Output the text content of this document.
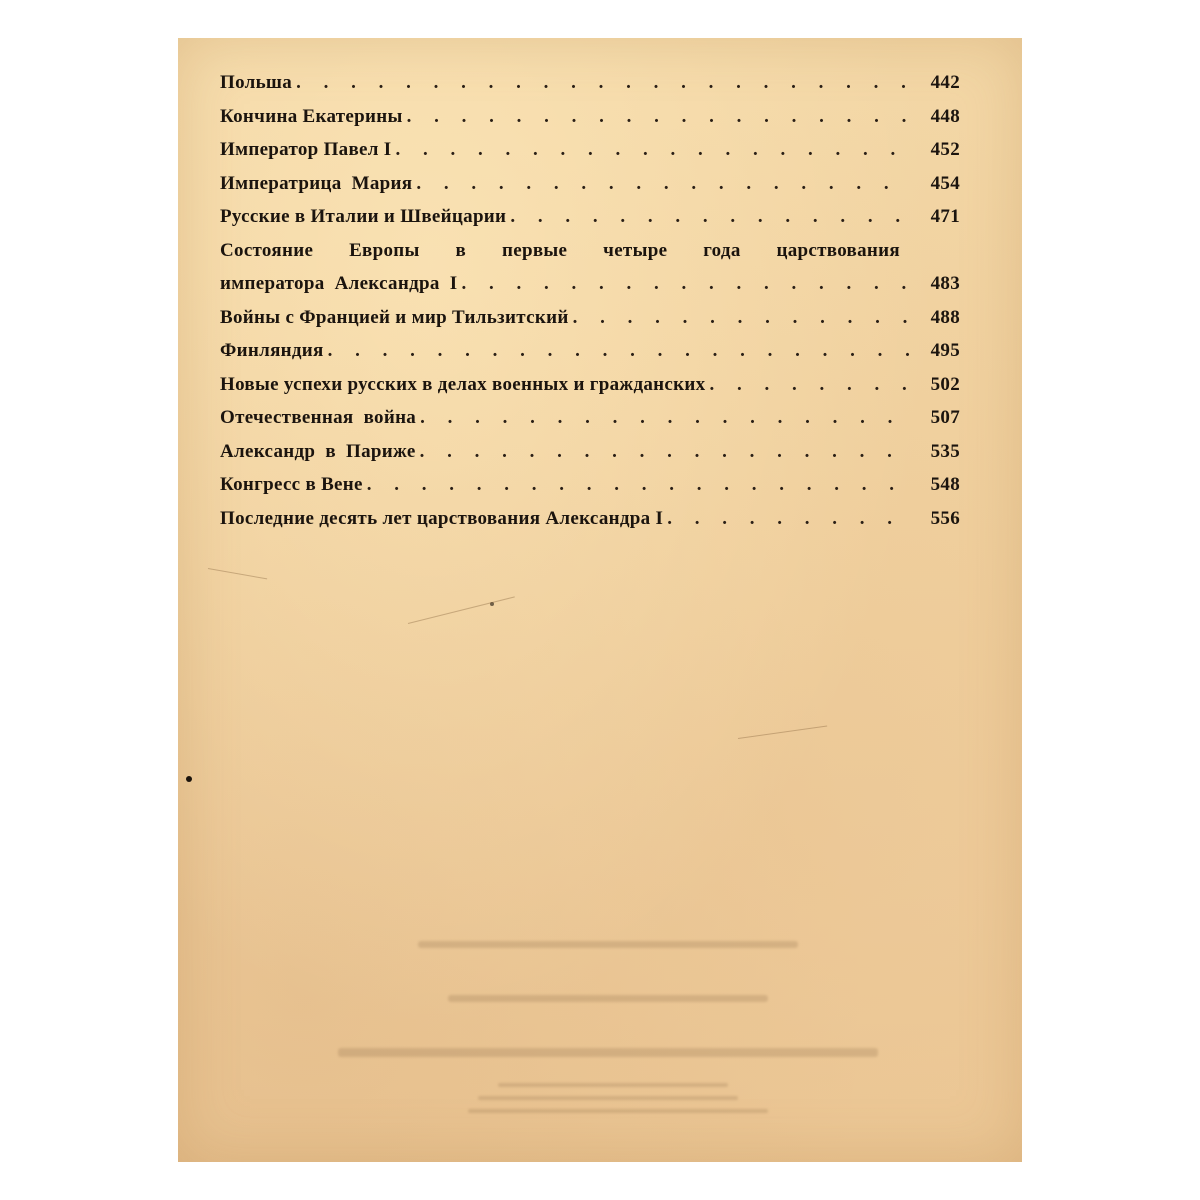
Польша . . .	442
Кончина Екатерины . . .	448
Император Павел I . . .	452
Императрица  Мария . . .	454
Русские в Италии и Швейцарии . . .	471
Состояние Европы в первые четыре года царствования
императора  Александра  I . . .	483
Войны с Францией и мир Тильзитский . . .	488
Финляндия . . .	495
Новые успехи русских в делах военных и гражданских . . .	502
Отечественная  война . . .	507
Александр  в  Париже . . .	535
Конгресс в Вене . . .	548
Последние десять лет царствования Александра I . . .	556
